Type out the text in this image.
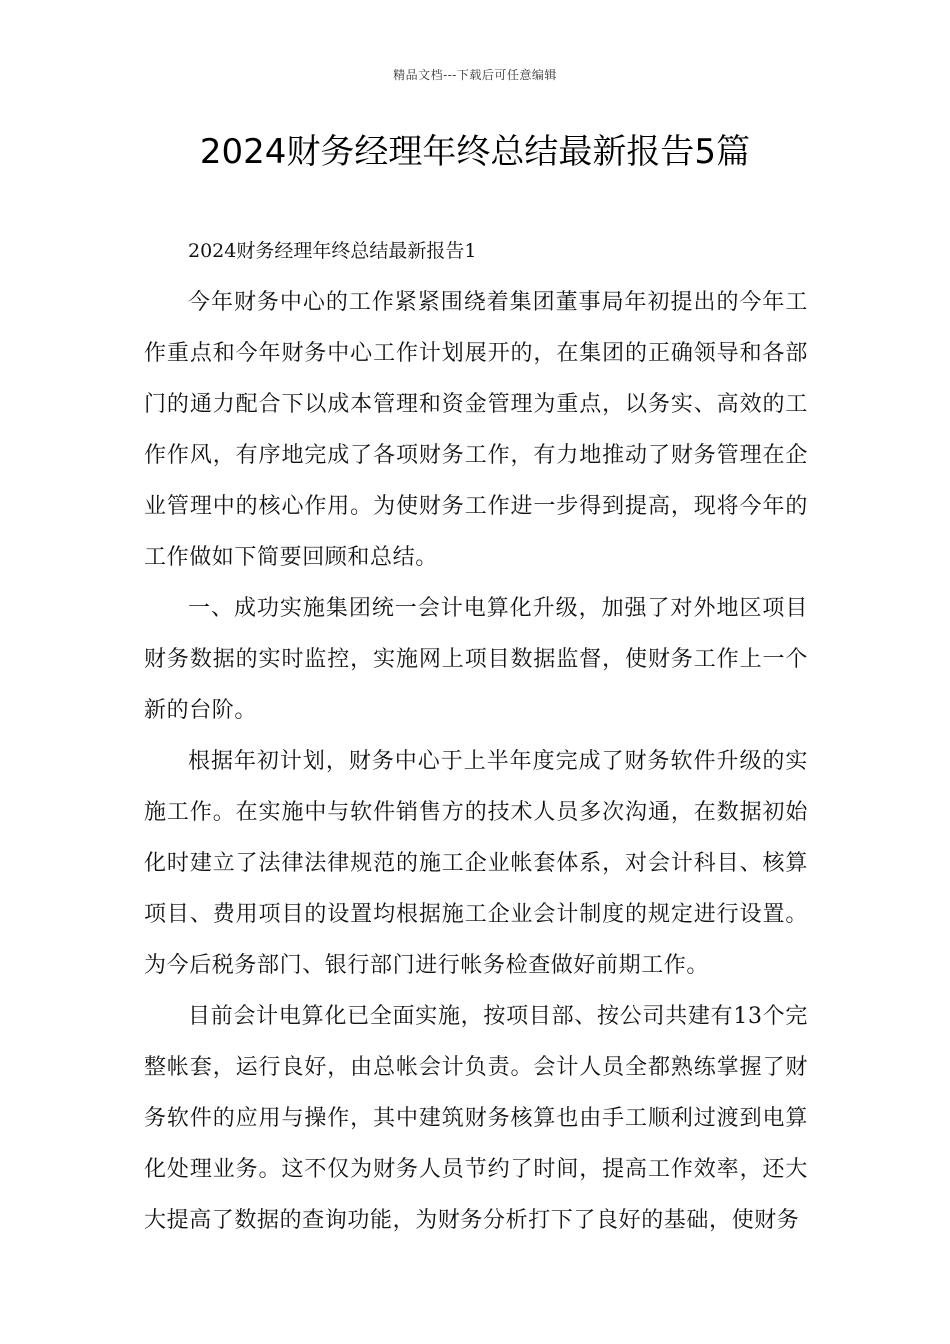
精品文档---下载后可任意编辑
2024财务经理年终总结最新报告5篇

2024财务经理年终总结最新报告1

今年财务中心的工作紧紧围绕着集团董事局年初提出的今年工作重点和今年财务中心工作计划展开的，在集团的正确领导和各部门的通力配合下以成本管理和资金管理为重点，以务实、高效的工作作风，有序地完成了各项财务工作，有力地推动了财务管理在企业管理中的核心作用。为使财务工作进一步得到提高，现将今年的工作做如下简要回顾和总结。

一、成功实施集团统一会计电算化升级，加强了对外地区项目财务数据的实时监控，实施网上项目数据监督，使财务工作上一个新的台阶。

根据年初计划，财务中心于上半年度完成了财务软件升级的实施工作。在实施中与软件销售方的技术人员多次沟通，在数据初始化时建立了法律法律规范的施工企业帐套体系，对会计科目、核算项目、费用项目的设置均根据施工企业会计制度的规定进行设置。为今后税务部门、银行部门进行帐务检查做好前期工作。

目前会计电算化已全面实施，按项目部、按公司共建有13个完整帐套，运行良好，由总帐会计负责。会计人员全都熟练掌握了财务软件的应用与操作，其中建筑财务核算也由手工顺利过渡到电算化处理业务。这不仅为财务人员节约了时间，提高工作效率，还大大提高了数据的查询功能，为财务分析打下了良好的基础，使财务
